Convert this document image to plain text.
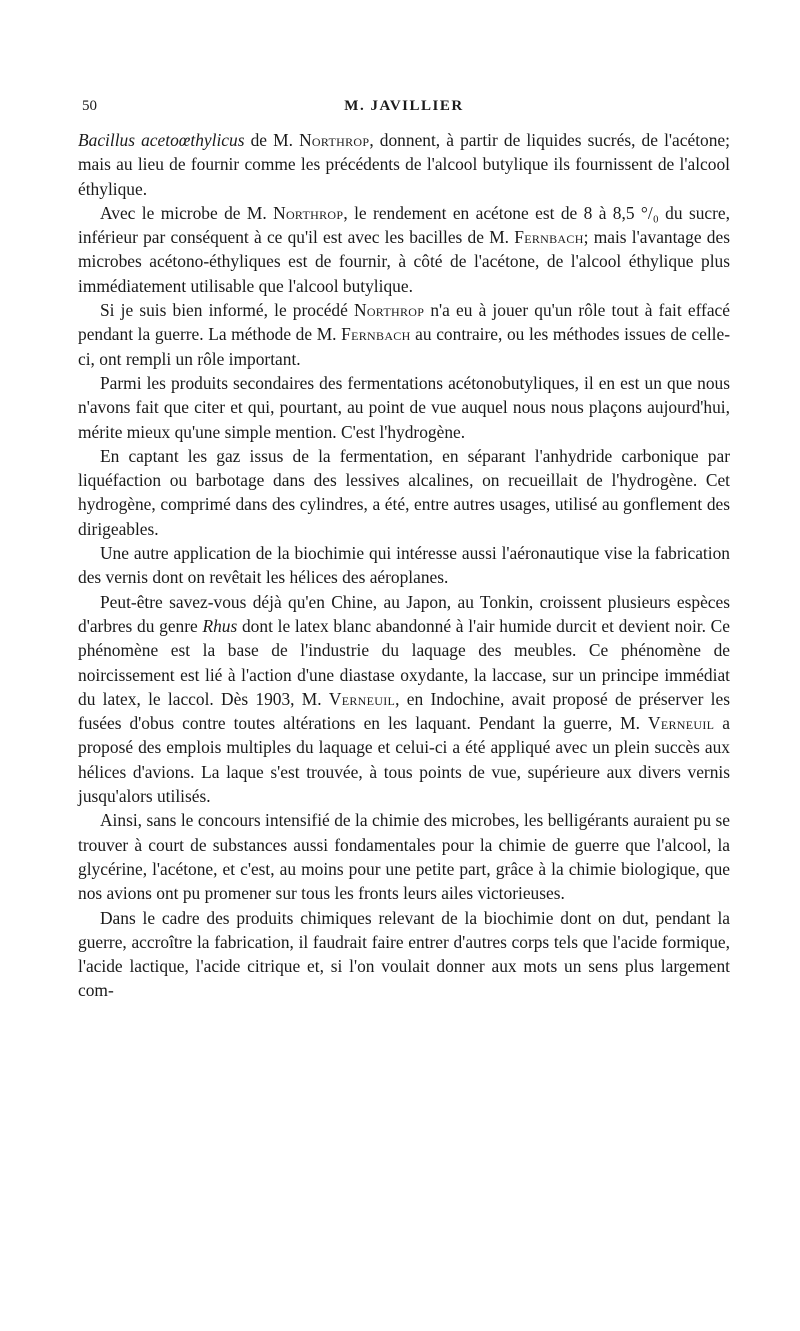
50	M. JAVILLIER

Bacillus acetoœthylicus de M. Northrop, donnent, à partir de liquides sucrés, de l'acétone; mais au lieu de fournir comme les précédents de l'alcool butylique ils fournissent de l'alcool éthylique.

Avec le microbe de M. Northrop, le rendement en acétone est de 8 à 8,5 °/₀ du sucre, inférieur par conséquent à ce qu'il est avec les bacilles de M. Fernbach; mais l'avantage des microbes acétono-éthyliques est de fournir, à côté de l'acétone, de l'alcool éthylique plus immédiatement utilisable que l'alcool butylique.

Si je suis bien informé, le procédé Northrop n'a eu à jouer qu'un rôle tout à fait effacé pendant la guerre. La méthode de M. Fernbach au contraire, ou les méthodes issues de celle-ci, ont rempli un rôle important.

Parmi les produits secondaires des fermentations acétonobutyliques, il en est un que nous n'avons fait que citer et qui, pourtant, au point de vue auquel nous nous plaçons aujourd'hui, mérite mieux qu'une simple mention. C'est l'hydrogène.

En captant les gaz issus de la fermentation, en séparant l'anhydride carbonique par liquéfaction ou barbotage dans des lessives alcalines, on recueillait de l'hydrogène. Cet hydrogène, comprimé dans des cylindres, a été, entre autres usages, utilisé au gonflement des dirigeables.

Une autre application de la biochimie qui intéresse aussi l'aéronautique vise la fabrication des vernis dont on revêtait les hélices des aéroplanes.

Peut-être savez-vous déjà qu'en Chine, au Japon, au Tonkin, croissent plusieurs espèces d'arbres du genre Rhus dont le latex blanc abandonné à l'air humide durcit et devient noir. Ce phénomène est la base de l'industrie du laquage des meubles. Ce phénomène de noircissement est lié à l'action d'une diastase oxydante, la laccase, sur un principe immédiat du latex, le laccol. Dès 1903, M. Verneuil, en Indochine, avait proposé de préserver les fusées d'obus contre toutes altérations en les laquant. Pendant la guerre, M. Verneuil a proposé des emplois multiples du laquage et celui-ci a été appliqué avec un plein succès aux hélices d'avions. La laque s'est trouvée, à tous points de vue, supérieure aux divers vernis jusqu'alors utilisés.

Ainsi, sans le concours intensifié de la chimie des microbes, les belligérants auraient pu se trouver à court de substances aussi fondamentales pour la chimie de guerre que l'alcool, la glycérine, l'acétone, et c'est, au moins pour une petite part, grâce à la chimie biologique, que nos avions ont pu promener sur tous les fronts leurs ailes victorieuses.

Dans le cadre des produits chimiques relevant de la biochimie dont on dut, pendant la guerre, accroître la fabrication, il faudrait faire entrer d'autres corps tels que l'acide formique, l'acide lactique, l'acide citrique et, si l'on voulait donner aux mots un sens plus largement com-
